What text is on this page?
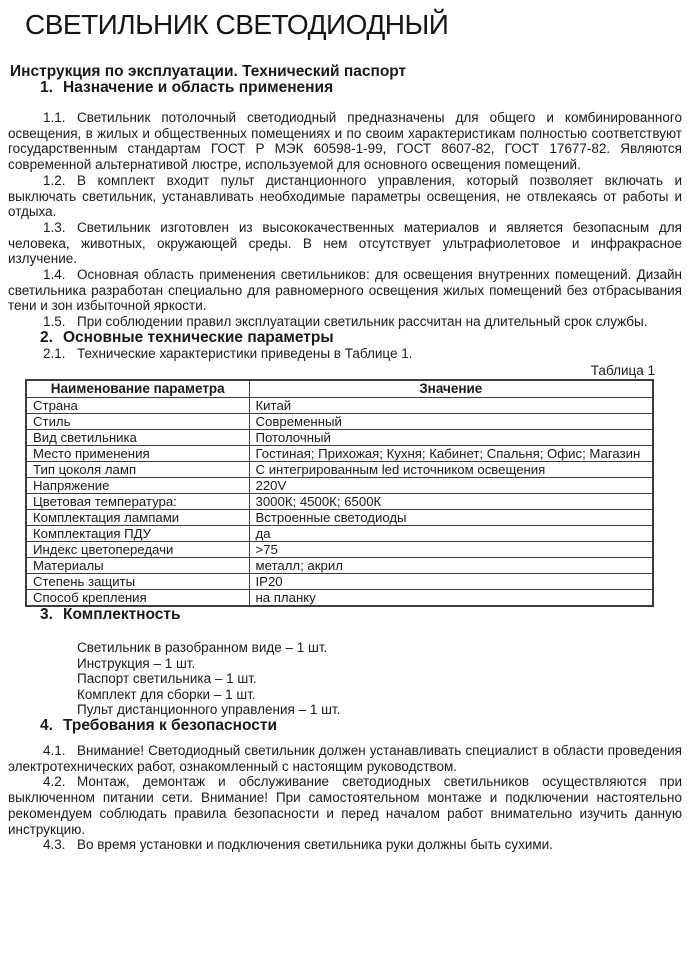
СВЕТИЛЬНИК СВЕТОДИОДНЫЙ
Инструкция по эксплуатации. Технический паспорт
1. Назначение и область применения

1.1. Светильник потолочный светодиодный предназначены для общего и комбинированного освещения, в жилых и общественных помещениях и по своим характеристикам полностью соответствуют государственным стандартам ГОСТ Р МЭК 60598-1-99, ГОСТ 8607-82, ГОСТ 17677-82. Являются современной альтернативой люстре, используемой для основного освещения помещений.

1.2. В комплект входит пульт дистанционного управления, который позволяет включать и выключать светильник, устанавливать необходимые параметры освещения, не отвлекаясь от работы и отдыха.

1.3. Светильник изготовлен из высококачественных материалов и является безопасным для человека, животных, окружающей среды. В нем отсутствует ультрафиолетовое и инфракрасное излучение.

1.4. Основная область применения светильников: для освещения внутренних помещений. Дизайн светильника разработан специально для равномерного освещения жилых помещений без отбрасывания тени и зон избыточной яркости.

1.5. При соблюдении правил эксплуатации светильник рассчитан на длительный срок службы.

2. Основные технические параметры

2.1. Технические характеристики приведены в Таблице 1.

Таблица 1
Наименование параметра	Значение
Страна	Китай
Стиль	Современный
Вид светильника	Потолочный
Место применения	Гостиная; Прихожая; Кухня; Кабинет; Спальня; Офис; Магазин
Тип цоколя ламп	С интегрированным led источником освещения
Напряжение	220V
Цветовая температура:	3000К; 4500К; 6500К
Комплектация лампами	Встроенные светодиоды
Комплектация ПДУ	да
Индекс цветопередачи	>75
Материалы	металл; акрил
Степень защиты	IP20
Способ крепления	на планку
3. Комплектность
Светильник в разобранном виде – 1 шт.
Инструкция – 1 шт.
Паспорт светильника – 1 шт.
Комплект для сборки – 1 шт.
Пульт дистанционного управления – 1 шт.
4. Требования к безопасности

4.1. Внимание! Светодиодный светильник должен устанавливать специалист в области проведения электротехнических работ, ознакомленный с настоящим руководством.

4.2. Монтаж, демонтаж и обслуживание светодиодных светильников осуществляются при выключенном питании сети. Внимание! При самостоятельном монтаже и подключении настоятельно рекомендуем соблюдать правила безопасности и перед началом работ внимательно изучить данную инструкцию.

4.3. Во время установки и подключения светильника руки должны быть сухими.
